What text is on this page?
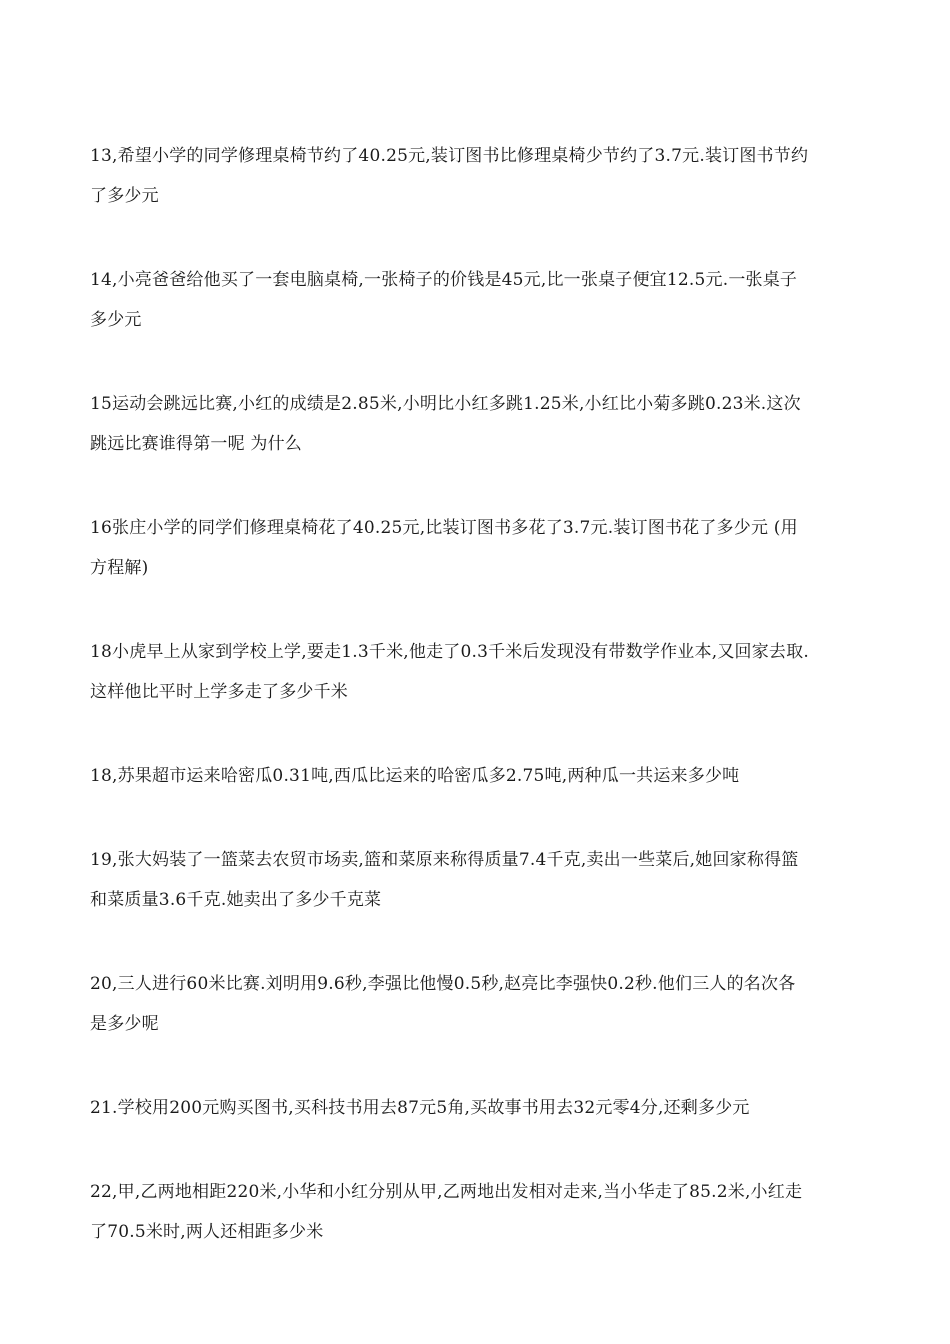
13,希望小学的同学修理桌椅节约了40.25元,装订图书比修理桌椅少节约了3.7元.装订图书节约
了多少元
14,小亮爸爸给他买了一套电脑桌椅,一张椅子的价钱是45元,比一张桌子便宜12.5元.一张桌子
多少元
15运动会跳远比赛,小红的成绩是2.85米,小明比小红多跳1.25米,小红比小菊多跳0.23米.这次
跳远比赛谁得第一呢 为什么
16张庄小学的同学们修理桌椅花了40.25元,比装订图书多花了3.7元.装订图书花了多少元 (用
方程解)
18小虎早上从家到学校上学,要走1.3千米,他走了0.3千米后发现没有带数学作业本,又回家去取.
这样他比平时上学多走了多少千米
18,苏果超市运来哈密瓜0.31吨,西瓜比运来的哈密瓜多2.75吨,两种瓜一共运来多少吨
19,张大妈装了一篮菜去农贸市场卖,篮和菜原来称得质量7.4千克,卖出一些菜后,她回家称得篮
和菜质量3.6千克.她卖出了多少千克菜
20,三人进行60米比赛.刘明用9.6秒,李强比他慢0.5秒,赵亮比李强快0.2秒.他们三人的名次各
是多少呢
21.学校用200元购买图书,买科技书用去87元5角,买故事书用去32元零4分,还剩多少元
22,甲,乙两地相距220米,小华和小红分别从甲,乙两地出发相对走来,当小华走了85.2米,小红走
了70.5米时,两人还相距多少米
